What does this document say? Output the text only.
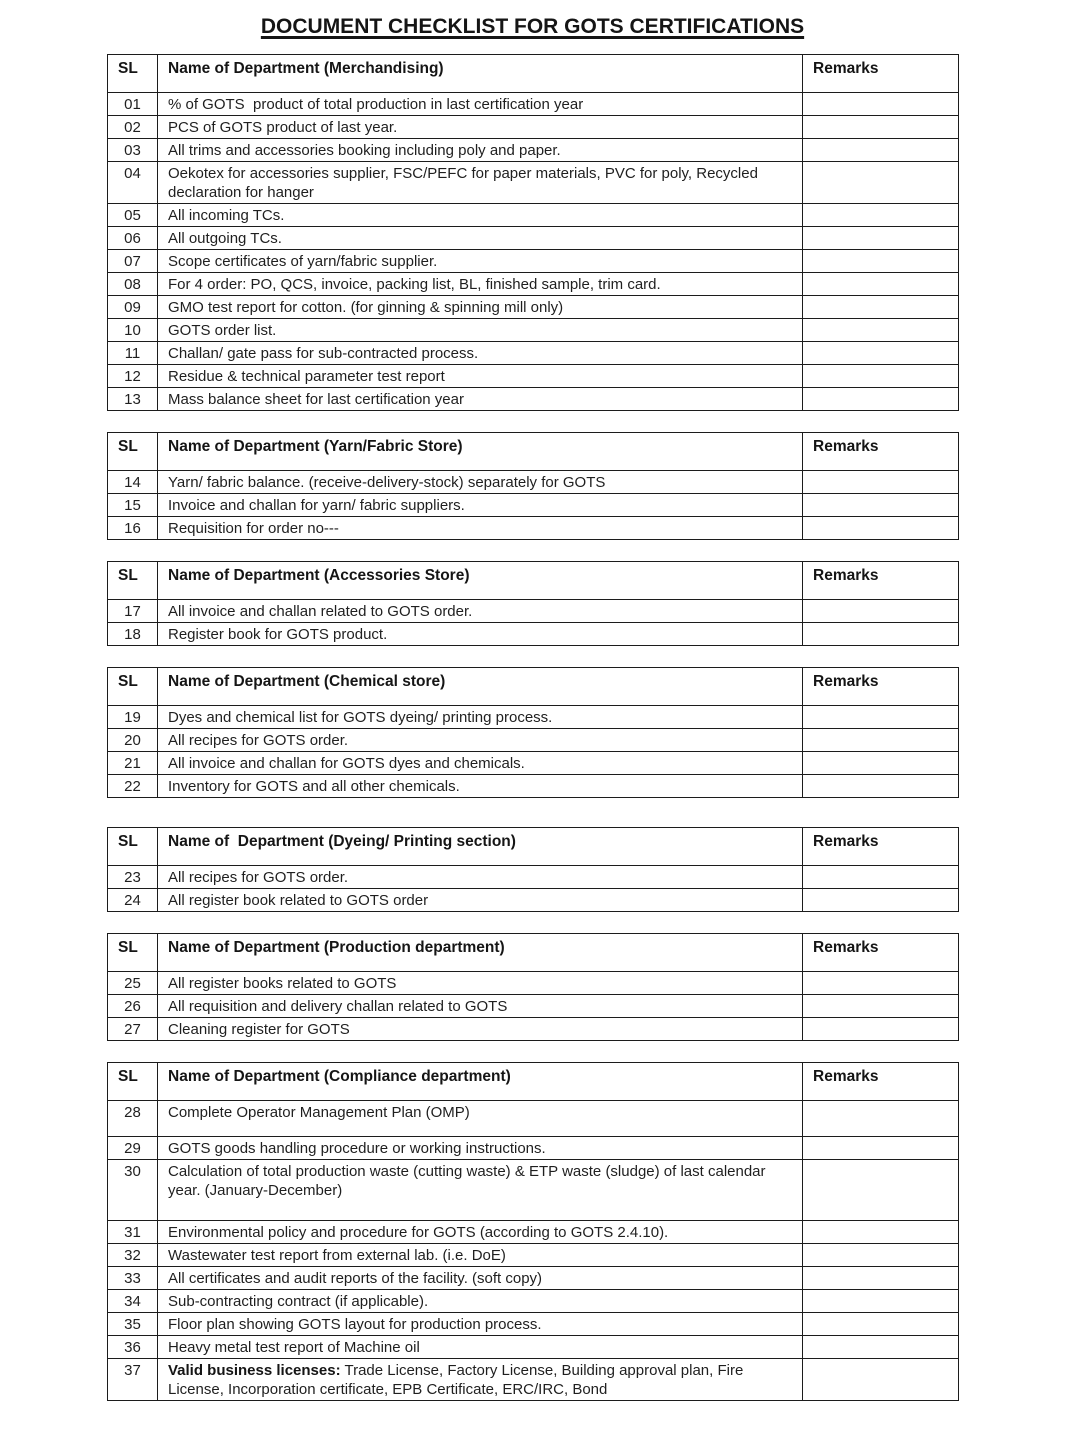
DOCUMENT CHECKLIST FOR GOTS CERTIFICATIONS
SL	Name of Department (Merchandising)	Remarks
01	% of GOTS  product of total production in last certification year	
02	PCS of GOTS product of last year.	
03	All trims and accessories booking including poly and paper.	
04	Oekotex for accessories supplier, FSC/PEFC for paper materials, PVC for poly, Recycled declaration for hanger	
05	All incoming TCs.	
06	All outgoing TCs.	
07	Scope certificates of yarn/fabric supplier.	
08	For 4 order: PO, QCS, invoice, packing list, BL, finished sample, trim card.	
09	GMO test report for cotton. (for ginning & spinning mill only)	
10	GOTS order list.	
11	Challan/ gate pass for sub-contracted process.	
12	Residue & technical parameter test report	
13	Mass balance sheet for last certification year	
SL	Name of Department (Yarn/Fabric Store)	Remarks
14	Yarn/ fabric balance. (receive-delivery-stock) separately for GOTS	
15	Invoice and challan for yarn/ fabric suppliers.	
16	Requisition for order no---	
SL	Name of Department (Accessories Store)	Remarks
17	All invoice and challan related to GOTS order.	
18	Register book for GOTS product.	
SL	Name of Department (Chemical store)	Remarks
19	Dyes and chemical list for GOTS dyeing/ printing process.	
20	All recipes for GOTS order.	
21	All invoice and challan for GOTS dyes and chemicals.	
22	Inventory for GOTS and all other chemicals.	
SL	Name of  Department (Dyeing/ Printing section)	Remarks
23	All recipes for GOTS order.	
24	All register book related to GOTS order	
SL	Name of Department (Production department)	Remarks
25	All register books related to GOTS	
26	All requisition and delivery challan related to GOTS	
27	Cleaning register for GOTS	
SL	Name of Department (Compliance department)	Remarks
28	Complete Operator Management Plan (OMP)	
29	GOTS goods handling procedure or working instructions.	
30	Calculation of total production waste (cutting waste) & ETP waste (sludge) of last calendar year. (January-December)	
31	Environmental policy and procedure for GOTS (according to GOTS 2.4.10).	
32	Wastewater test report from external lab. (i.e. DoE)	
33	All certificates and audit reports of the facility. (soft copy)	
34	Sub-contracting contract (if applicable).	
35	Floor plan showing GOTS layout for production process.	
36	Heavy metal test report of Machine oil	
37	Valid business licenses: Trade License, Factory License, Building approval plan, Fire License, Incorporation certificate, EPB Certificate, ERC/IRC, Bond	
